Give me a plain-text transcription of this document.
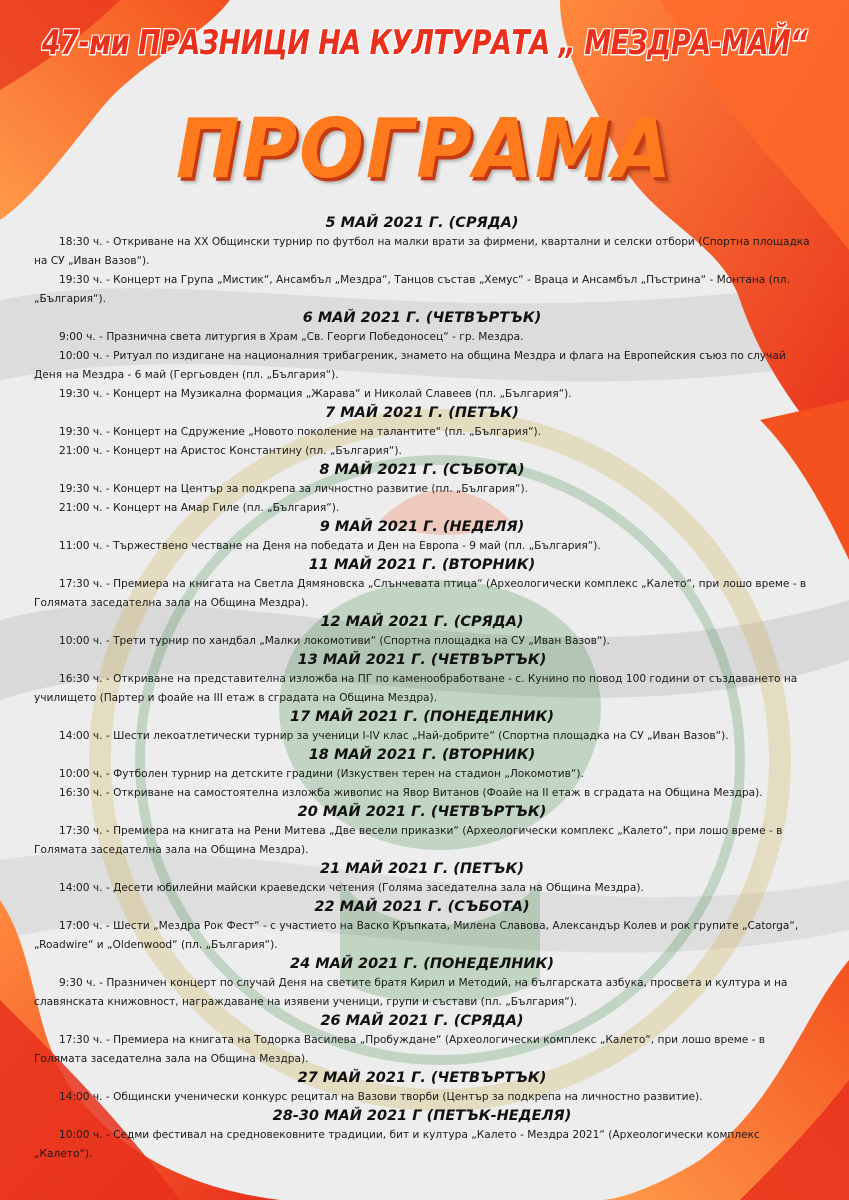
47-ми ПРАЗНИЦИ НА КУЛТУРАТА „ МЕЗДРА-МАЙ“
ПРОГРАМА
5 МАЙ 2021 Г. (СРЯДА)
18:30 ч. - Откриване на XX Общински турнир по футбол на малки врати за фирмени, квартални и селски отбори (Спортна площадка на СУ „Иван Вазов“).
19:30 ч. - Концерт на Група „Мистик“, Ансамбъл „Мездра“, Танцов състав „Хемус“ - Враца и Ансамбъл „Пъстрина“ - Монтана (пл. „България“).
6 МАЙ 2021 Г. (ЧЕТВЪРТЪК)
9:00 ч. - Празнична света литургия в Храм „Св. Георги Победоносец“ - гр. Мездра.
10:00 ч. - Ритуал по издигане на националния трибагреник, знамето на община Мездра и флага на Европейския съюз по случай Деня на Мездра - 6 май (Гергьовден (пл. „България“).
19:30 ч. - Концерт на Музикална формация „Жарава“ и Николай Славеев (пл. „България“).
7 МАЙ 2021 Г. (ПЕТЪК)
19:30 ч. - Концерт на Сдружение „Новото поколение на талантите“ (пл. „България“).
21:00 ч. - Концерт на Аристос Константину (пл. „България“).
8 МАЙ 2021 Г. (СЪБОТА)
19:30 ч. - Концерт на Център за подкрепа за личностно развитие (пл. „България“).
21:00 ч. - Концерт на Амар Гиле (пл. „България“).
9 МАЙ 2021 Г. (НЕДЕЛЯ)
11:00 ч. - Тържествено честване на Деня на победата и Ден на Европа - 9 май (пл. „България“).
11 МАЙ 2021 Г. (ВТОРНИК)
17:30 ч. - Премиера на книгата на Светла Дямяновска „Слънчевата птица“ (Археологически комплекс „Калето“, при лошо време - в Голямата заседателна зала на Община Мездра).
12 МАЙ 2021 Г. (СРЯДА)
10:00 ч. - Трети турнир по хандбал „Малки локомотиви“ (Спортна площадка на СУ „Иван Вазов“).
13 МАЙ 2021 Г. (ЧЕТВЪРТЪК)
16:30 ч. - Откриване на представителна изложба на ПГ по каменообработване - с. Кунино по повод 100 години от създаването на училището (Партер и фоайе на III етаж в сградата на Община Мездра).
17 МАЙ 2021 Г. (ПОНЕДЕЛНИК)
14:00 ч. - Шести лекоатлетически турнир за ученици I-IV клас „Най-добрите“ (Спортна площадка на СУ „Иван Вазов“).
18 МАЙ 2021 Г. (ВТОРНИК)
10:00 ч. - Футболен турнир на детските градини (Изкуствен терен на стадион „Локомотив“).
16:30 ч. - Откриване на самостоятелна изложба живопис на Явор Витанов (Фоайе на II етаж в сградата на Община Мездра).
20 МАЙ 2021 Г. (ЧЕТВЪРТЪК)
17:30 ч. - Премиера на книгата на Рени Митева „Две весели приказки“ (Археологически комплекс „Калето“, при лошо време - в Голямата заседателна зала на Община Мездра).
21 МАЙ 2021 Г. (ПЕТЪК)
14:00 ч. - Десети юбилейни майски краеведски четения (Голяма заседателна зала на Община Мездра).
22 МАЙ 2021 Г. (СЪБОТА)
17:00 ч. - Шести „Мездра Рок Фест“ - с участието на Васко Кръпката, Милена Славова, Александър Колев и рок групите „Catorga“, „Roadwire“ и „Oldenwood“ (пл. „България“).
24 МАЙ 2021 Г. (ПОНЕДЕЛНИК)
9:30 ч. - Празничен концерт по случай Деня на светите братя Кирил и Методий, на българската азбука, просвета и култура и на славянската книжовност, награждаване на изявени ученици, групи и състави (пл. „България“).
26 МАЙ 2021 Г. (СРЯДА)
17:30 ч. - Премиера на книгата на Тодорка Василева „Пробуждане“ (Археологически комплекс „Калето“, при лошо време - в Голямата заседателна зала на Община Мездра).
27 МАЙ 2021 Г. (ЧЕТВЪРТЪК)
14:00 ч. - Общински ученически конкурс рецитал на Вазови творби (Център за подкрепа на личностно развитие).
28-30 МАЙ 2021 Г (ПЕТЪК-НЕДЕЛЯ)
10:00 ч. - Седми фестивал на средновековните традиции, бит и култура „Калето - Мездра 2021“ (Археологически комплекс „Калето“).
